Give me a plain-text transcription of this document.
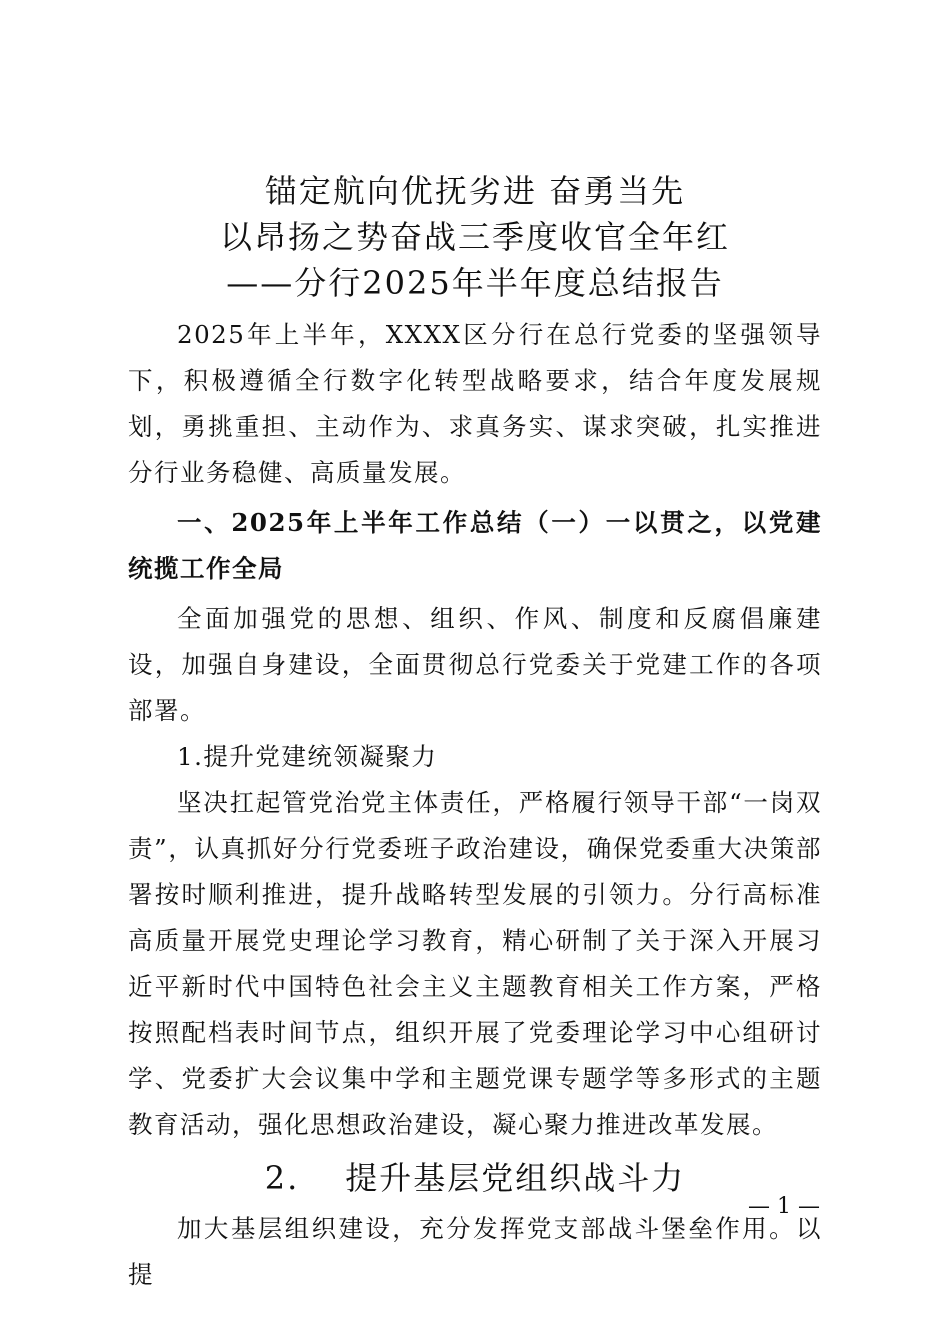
锚定航向优抚劣进 奋勇当先
以昂扬之势奋战三季度收官全年红
——分行2025年半年度总结报告

2025年上半年，XXXX区分行在总行党委的坚强领导下，积极遵循全行数字化转型战略要求，结合年度发展规划，勇挑重担、主动作为、求真务实、谋求突破，扎实推进分行业务稳健、高质量发展。

一、2025年上半年工作总结（一）一以贯之，以党建统揽工作全局

全面加强党的思想、组织、作风、制度和反腐倡廉建设，加强自身建设，全面贯彻总行党委关于党建工作的各项部署。

1.提升党建统领凝聚力

坚决扛起管党治党主体责任，严格履行领导干部“一岗双责”，认真抓好分行党委班子政治建设，确保党委重大决策部署按时顺利推进，提升战略转型发展的引领力。分行高标准高质量开展党史理论学习教育，精心研制了关于深入开展习近平新时代中国特色社会主义主题教育相关工作方案，严格按照配档表时间节点，组织开展了党委理论学习中心组研讨学、党委扩大会议集中学和主题党课专题学等多形式的主题教育活动，强化思想政治建设，凝心聚力推进改革发展。

2. 提升基层党组织战斗力

加大基层组织建设，充分发挥党支部战斗堡垒作用。以提

— 1 —
